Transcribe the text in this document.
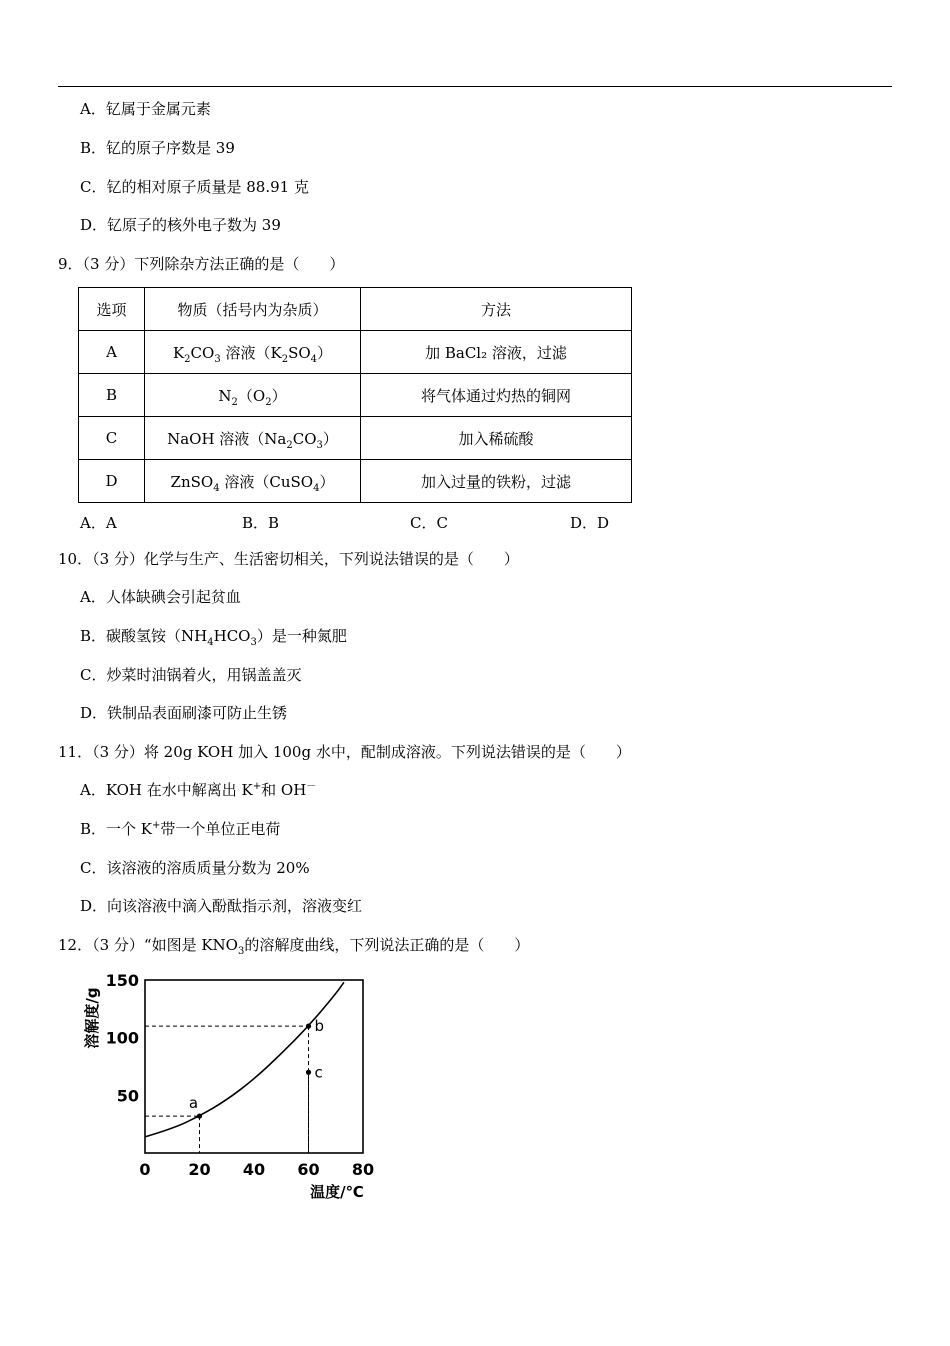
A．钇属于金属元素
B．钇的原子序数是 39
C．钇的相对原子质量是 88.91 克
D．钇原子的核外电子数为 39
9．（3 分）下列除杂方法正确的是（　　）
选项	物质（括号内为杂质）	方法
A	$K_2CO_3$ 溶液$(K_2SO_4)$	加 BaCl₂ 溶液，过滤
B	$N_2(O_2)$	将气体通过灼热的铜网
C	NaOH 溶液$(Na_2CO_3)$	加入稀硫酸
D	ZnSO$_4$ 溶液（CuSO$_4$）	加入过量的铁粉，过滤
A．A	B．B	C．C	D．D
10．（3 分）化学与生产、生活密切相关，下列说法错误的是（　　）
A．人体缺碘会引起贫血
B．碳酸氢铵$(NH_4HCO_3)$是一种氮肥
C．炒菜时油锅着火，用锅盖盖灭
D．铁制品表面刷漆可防止生锈
11．（3 分）将 20g KOH 加入 100g 水中，配制成溶液。下列说法错误的是（　　）
A．KOH 在水中解离出 K+和 OH－
B．一个 K+带一个单位正电荷
C．该溶液的溶质质量分数为 20%
D．向该溶液中滴入酚酞指示剂，溶液变红
12．（3 分）“如图是 $KNO_3$的溶解度曲线，下列说法正确的是（　　）
溶解度/g
温度/℃
0 20 40 60 80
50
100
150
a
b
c
